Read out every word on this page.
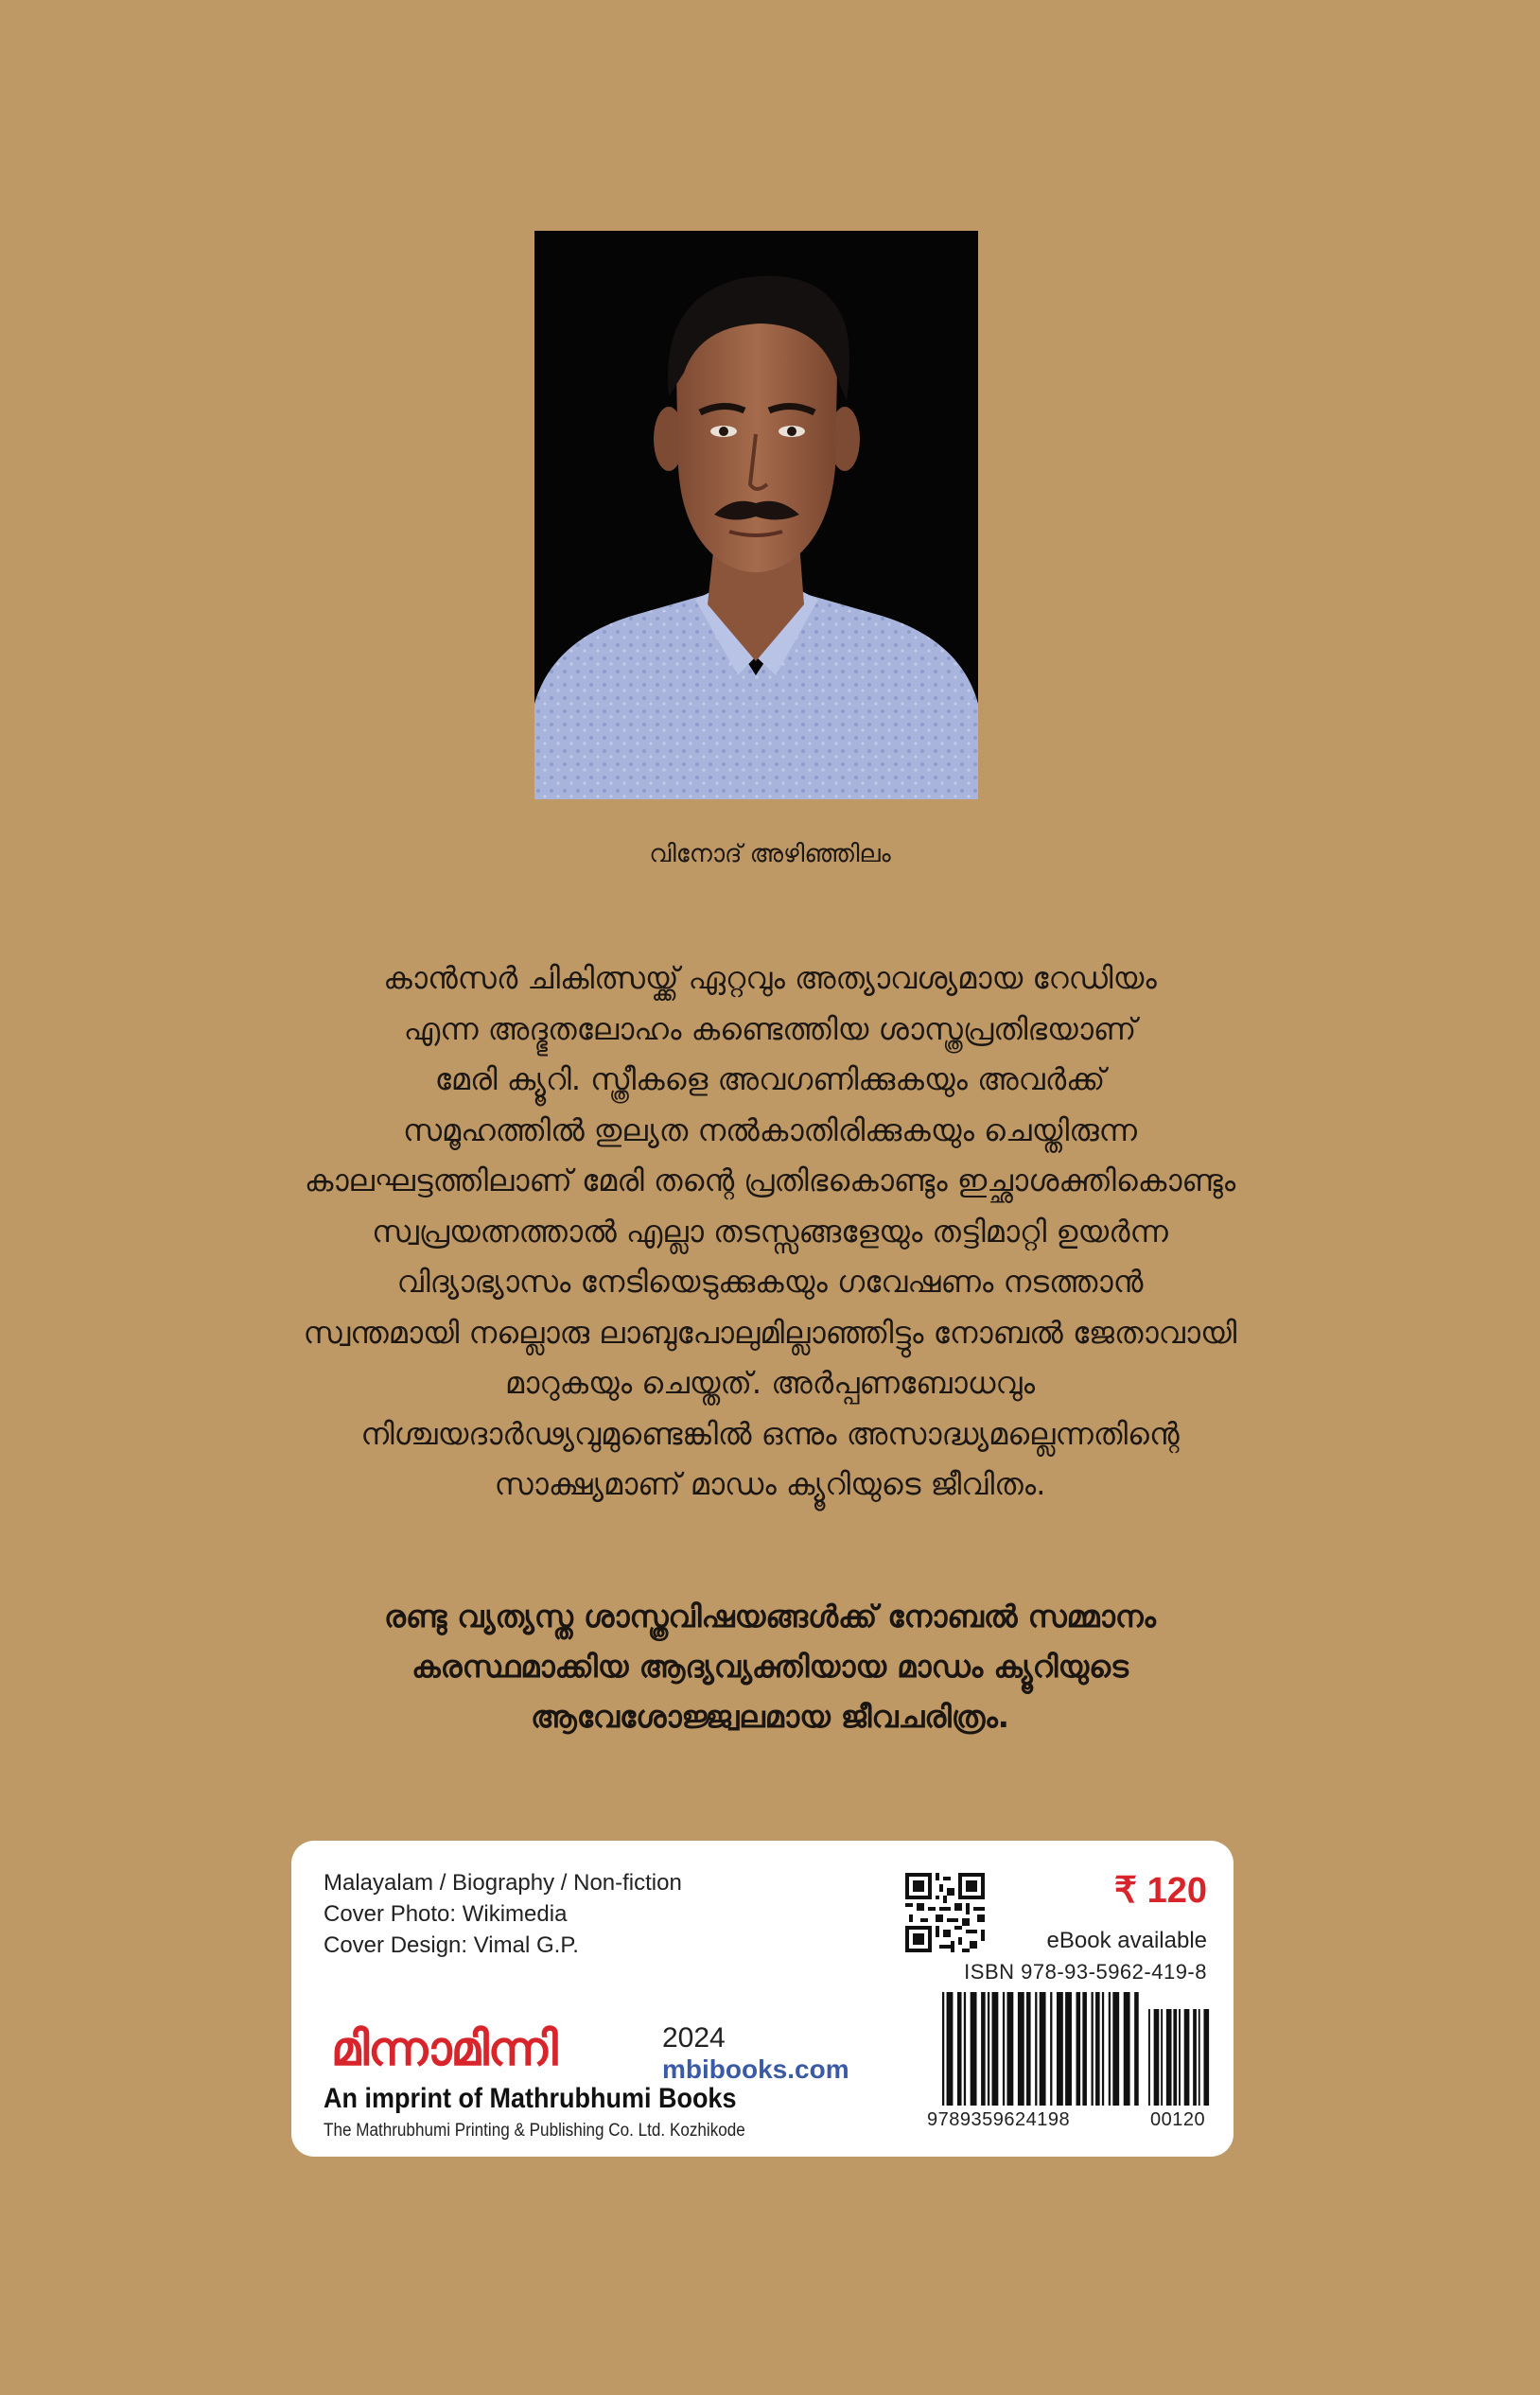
വിനോദ് അഴിഞ്ഞിലം
കാൻസർ ചികിത്സയ്ക്ക് ഏറ്റവും അത്യാവശ്യമായ റേഡിയം
എന്ന അദ്ഭുതലോഹം കണ്ടെത്തിയ ശാസ്ത്രപ്രതിഭയാണ്
മേരി ക്യൂറി. സ്ത്രീകളെ അവഗണിക്കുകയും അവർക്ക്
സമൂഹത്തിൽ തുല്യത നൽകാതിരിക്കുകയും ചെയ്തിരുന്ന
കാലഘട്ടത്തിലാണ് മേരി തന്റെ പ്രതിഭകൊണ്ടും ഇച്ഛാശക്തികൊണ്ടും
സ്വപ്രയത്നത്താൽ എല്ലാ തടസ്സങ്ങളേയും തട്ടിമാറ്റി ഉയർന്ന
വിദ്യാഭ്യാസം നേടിയെടുക്കുകയും ഗവേഷണം നടത്താൻ
സ്വന്തമായി നല്ലൊരു ലാബുപോലുമില്ലാഞ്ഞിട്ടും നോബൽ ജേതാവായി
മാറുകയും ചെയ്തത്. അർപ്പണബോധവും
നിശ്ചയദാർഢ്യവുമുണ്ടെങ്കിൽ ഒന്നും അസാദ്ധ്യമല്ലെന്നതിന്റെ
സാക്ഷ്യമാണ് മാഡം ക്യൂറിയുടെ ജീവിതം.
രണ്ടു വ്യത്യസ്ത ശാസ്ത്രവിഷയങ്ങൾക്ക് നോബൽ സമ്മാനം
കരസ്ഥമാക്കിയ ആദ്യവ്യക്തിയായ മാഡം ക്യൂറിയുടെ
ആവേശോജ്ജ്വലമായ ജീവചരിത്രം.
Malayalam / Biography / Non-fiction
Cover Photo: Wikimedia
Cover Design: Vimal G.P.
മിന്നാമിന്നി	2024
mbibooks.com
An imprint of Mathrubhumi Books
The Mathrubhumi Printing & Publishing Co. Ltd. Kozhikode
₹ 120
eBook available
ISBN 978-93-5962-419-8
9789359624198	00120
